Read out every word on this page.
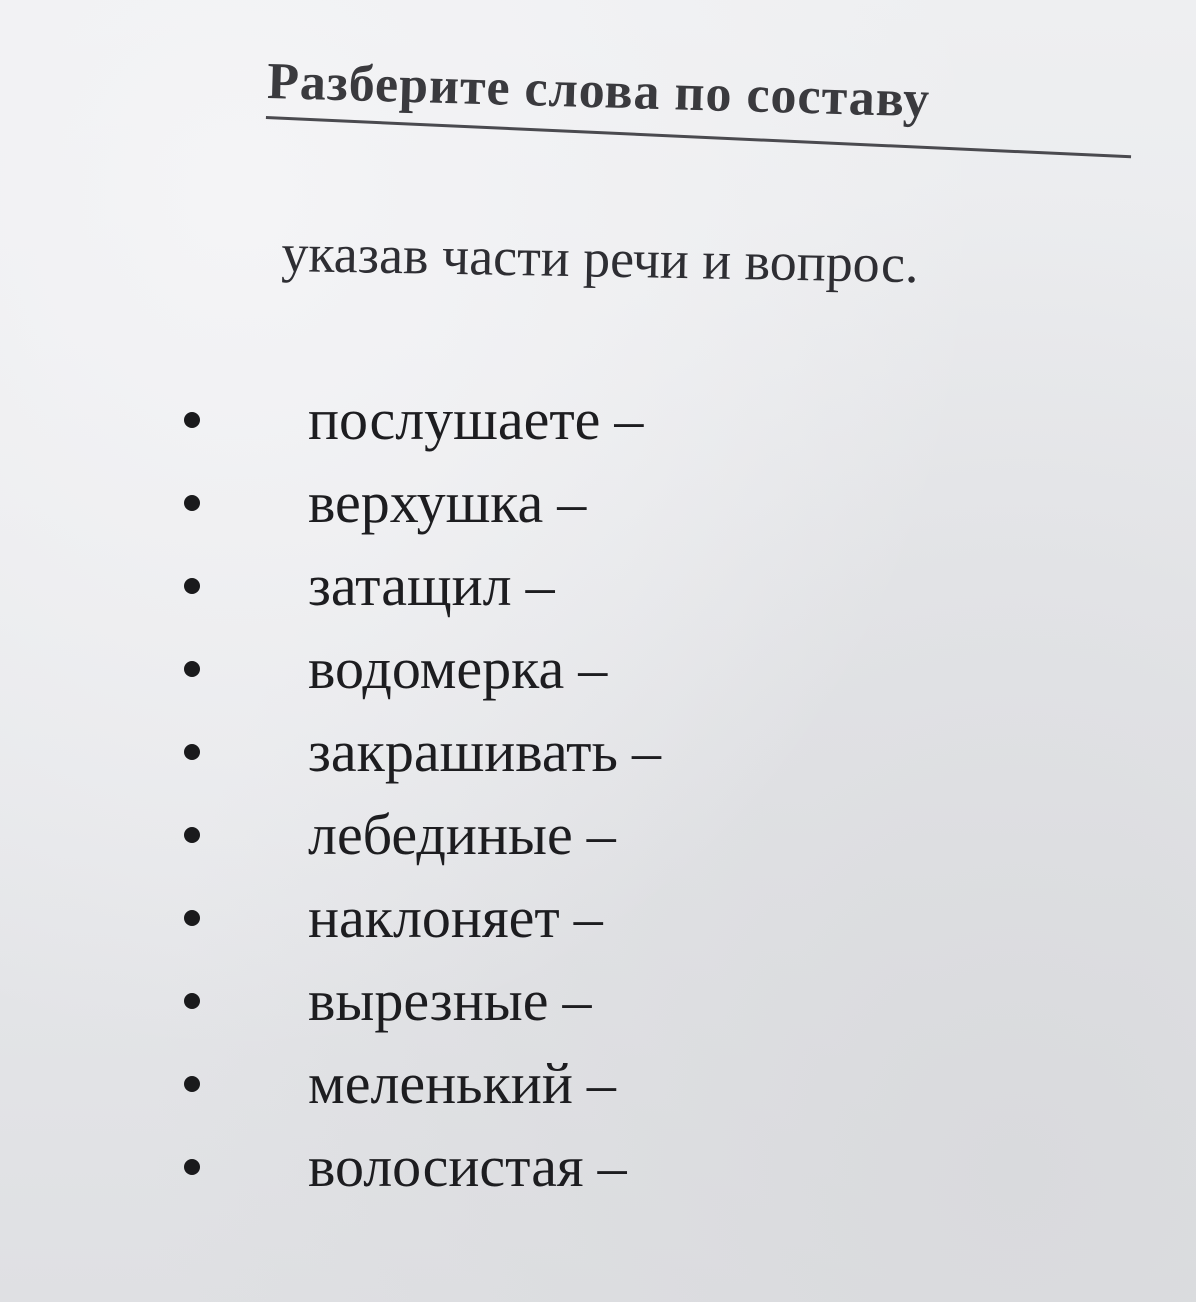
Разберите слова по составу
указав части речи и вопрос.
послушаете –
верхушка –
затащил –
водомерка –
закрашивать –
лебединые –
наклоняет –
вырезные –
меленький –
волосистая –
